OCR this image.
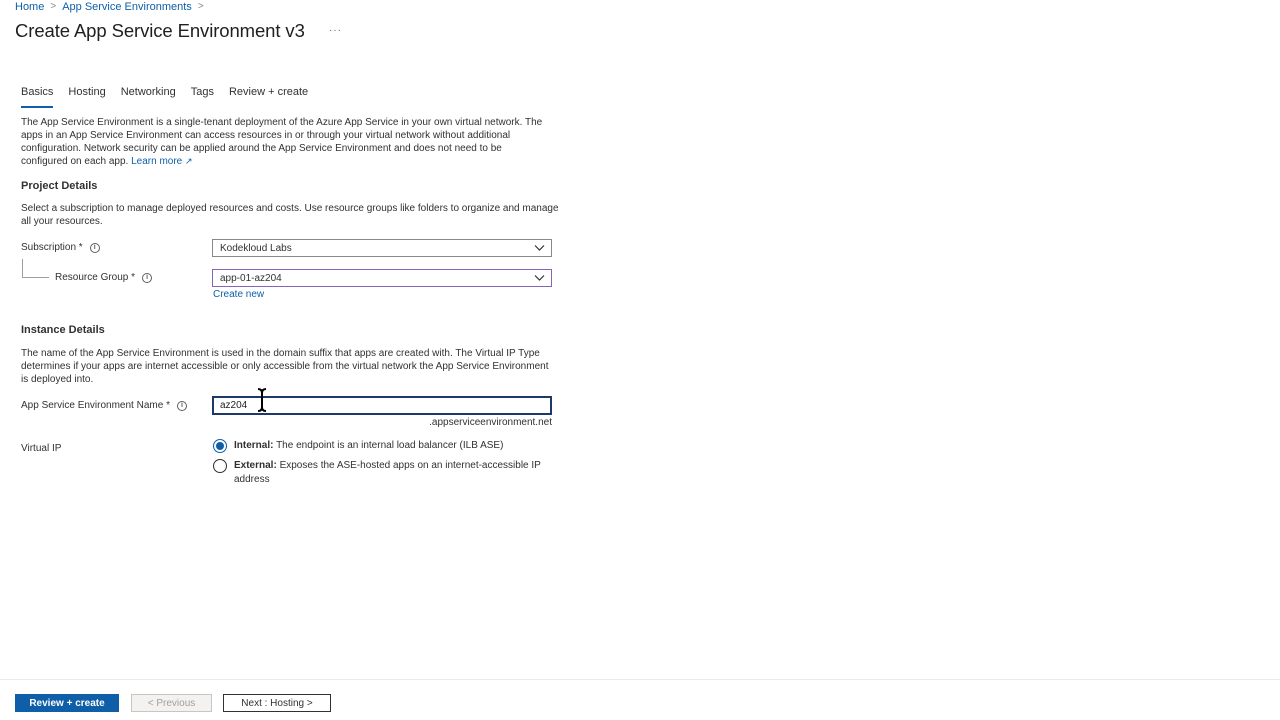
Home > App Service Environments >
Create App Service Environment v3 ···
Basics Hosting Networking Tags Review + create
The App Service Environment is a single-tenant deployment of the Azure App Service in your own virtual network. The
apps in an App Service Environment can access resources in or through your virtual network without additional
configuration. Network security can be applied around the App Service Environment and does not need to be
configured on each app. Learn more ↗
Project Details
Select a subscription to manage deployed resources and costs. Use resource groups like folders to organize and manage
all your resources.
Subscription *	i	Kodekloud Labs
Resource Group *	i	app-01-az204
Create new
Instance Details
The name of the App Service Environment is used in the domain suffix that apps are created with. The Virtual IP Type
determines if your apps are internet accessible or only accessible from the virtual network the App Service Environment
is deployed into.
App Service Environment Name *	i
az204
.appserviceenvironment.net
Virtual IP	Internal: The endpoint is an internal load balancer (ILB ASE)
External: Exposes the ASE-hosted apps on an internet-accessible IP address
Review + create	< Previous	Next : Hosting >
